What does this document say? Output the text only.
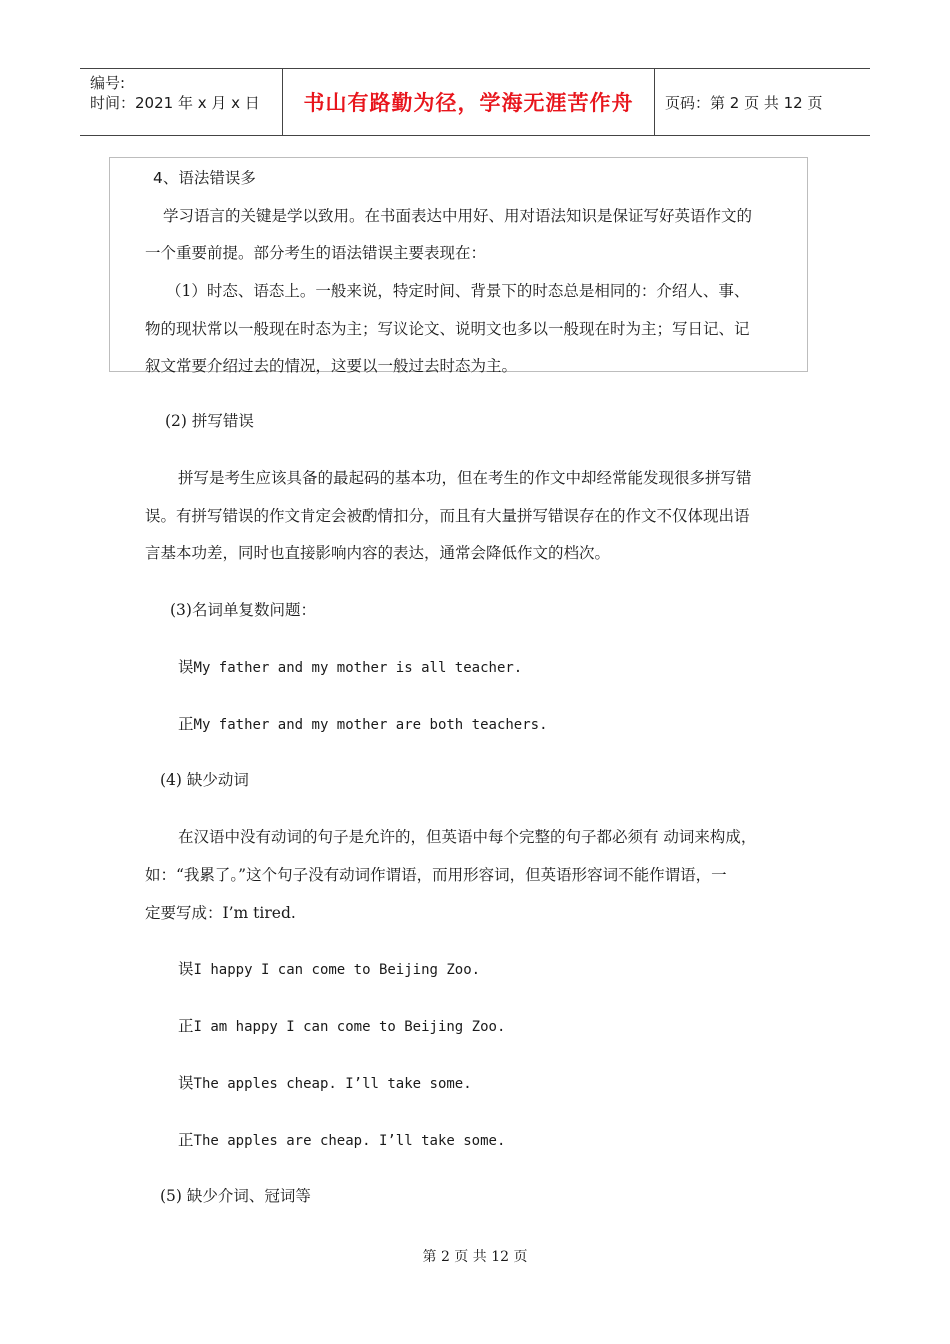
编号:
时间：2021 年 x 月 x 日	书山有路勤为径，学海无涯苦作舟 页码：第 2 页 共 12 页
4、语法错误多
学习语言的关键是学以致用。在书面表达中用好、用对语法知识是保证写好英语作文的
一个重要前提。部分考生的语法错误主要表现在：
（1）时态、语态上。一般来说，特定时间、背景下的时态总是相同的：介绍人、事、
物的现状常以一般现在时态为主；写议论文、说明文也多以一般现在时为主；写日记、记
叙文常要介绍过去的情况，这要以一般过去时态为主。
(2) 拼写错误
拼写是考生应该具备的最起码的基本功，但在考生的作文中却经常能发现很多拼写错
误。有拼写错误的作文肯定会被酌情扣分，而且有大量拼写错误存在的作文不仅体现出语
言基本功差，同时也直接影响内容的表达，通常会降低作文的档次。
(3)名词单复数问题：
误My father and my mother is all teacher.
正My father and my mother are both teachers.
(4) 缺少动词
在汉语中没有动词的句子是允许的，但英语中每个完整的句子都必须有 动词来构成，
如：“我累了。”这个句子没有动词作谓语，而用形容词，但英语形容词不能作谓语，一
定要写成：I’m tired.
误I happy I can come to Beijing Zoo.
正I am happy I can come to Beijing Zoo.
误The apples cheap. I’ll take some.
正The apples are cheap. I’ll take some.
(5) 缺少介词、冠词等
第 2 页 共 12 页
